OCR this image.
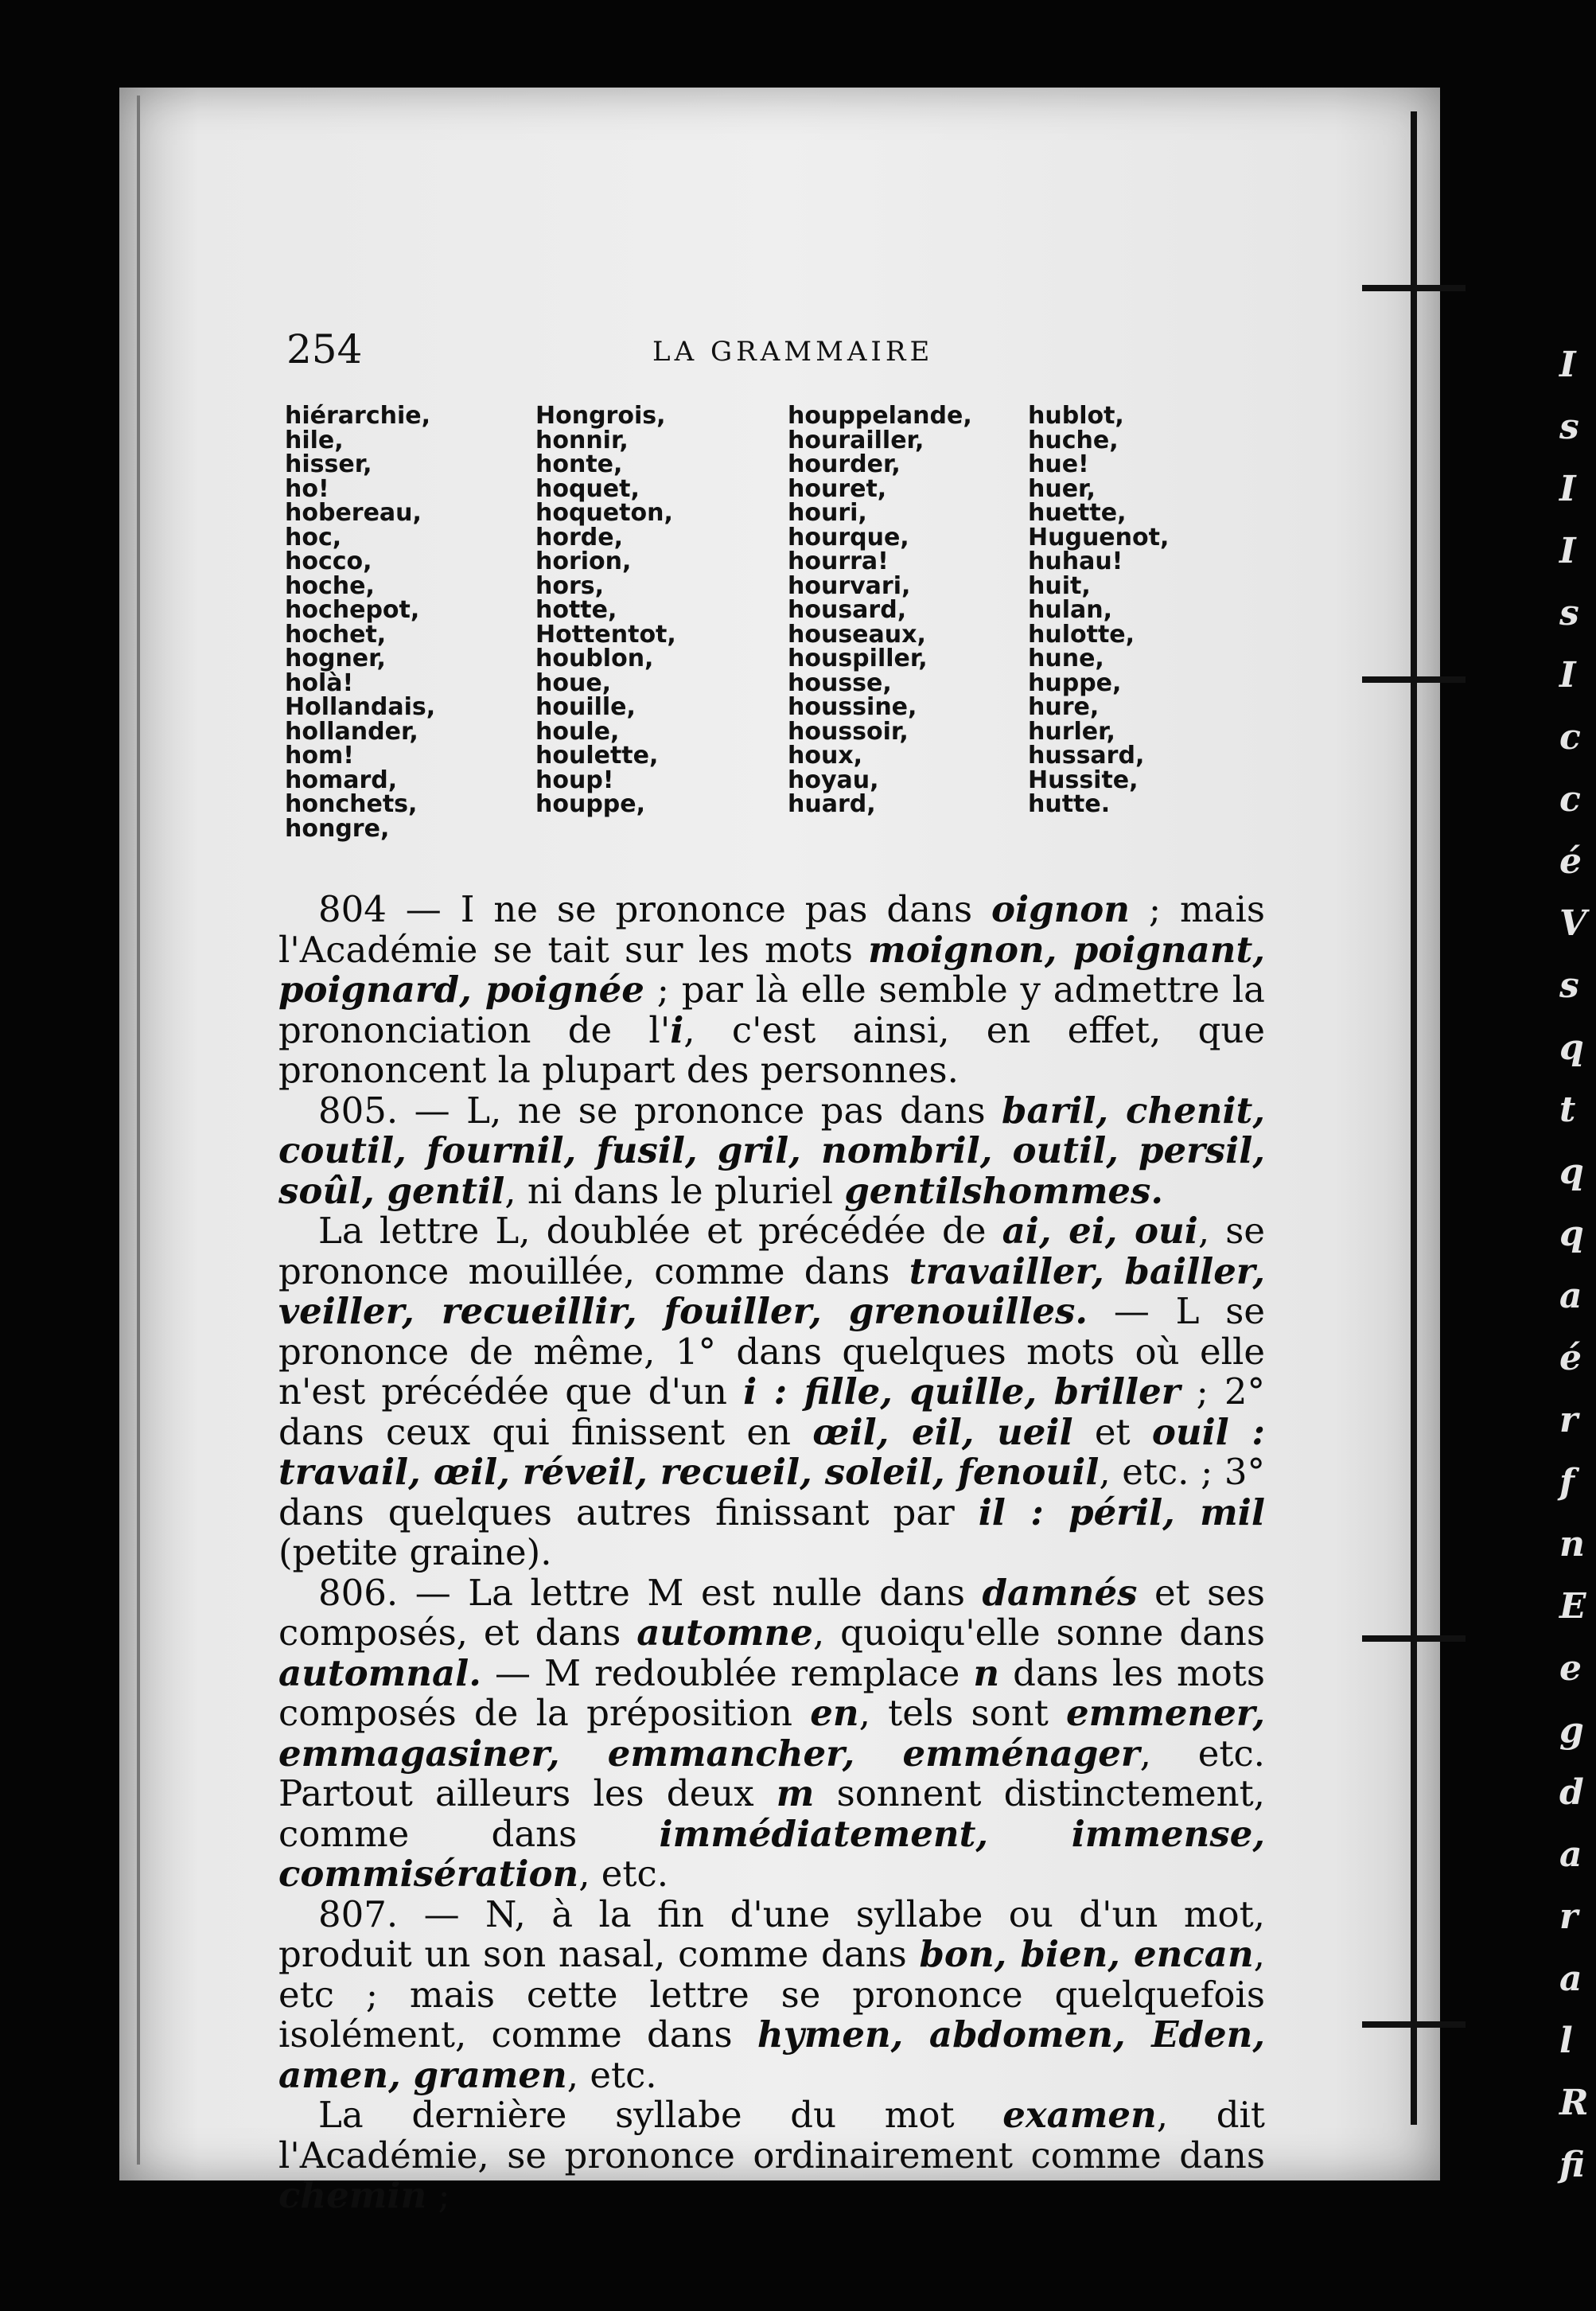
I
s
I
I
s
I
c
c
é
V
s
q
t
q
q
a
é
r
f
n
E
e
g
d
a
r
a
l
R
fi
254	LA GRAMMAIRE
hiérarchie,
hile,
hisser,
ho!
hobereau,
hoc,
hocco,
hoche,
hochepot,
hochet,
hogner,
holà!
Hollandais,
hollander,
hom!
homard,
honchets,
hongre,
Hongrois,
honnir,
honte,
hoquet,
hoqueton,
horde,
horion,
hors,
hotte,
Hottentot,
houblon,
houe,
houille,
houle,
houlette,
houp!
houppe,
houppelande,
hourailler,
hourder,
houret,
houri,
hourque,
hourra!
hourvari,
housard,
houseaux,
houspiller,
housse,
houssine,
houssoir,
houx,
hoyau,
huard,
hublot,
huche,
hue!
huer,
huette,
Huguenot,
huhau!
huit,
hulan,
hulotte,
hune,
huppe,
hure,
hurler,
hussard,
Hussite,
hutte.

804 — I ne se prononce pas dans oignon ; mais l'Académie se tait sur les mots moignon, poignant, poignard, poignée ; par là elle semble y admettre la prononciation de l'i, c'est ainsi, en effet, que prononcent la plupart des personnes.

805. — L, ne se prononce pas dans baril, chenit, coutil, fournil, fusil, gril, nombril, outil, persil, soûl, gentil, ni dans le pluriel gentilshommes.

La lettre L, doublée et précédée de ai, ei, oui, se prononce mouillée, comme dans travailler, bailler, veiller, recueillir, fouiller, grenouilles. — L se prononce de même, 1° dans quelques mots où elle n'est précédée que d'un i : fille, quille, briller ; 2° dans ceux qui finissent en œil, eil, ueil et ouil : travail, œil, réveil, recueil, soleil, fenouil, etc. ; 3° dans quelques autres finissant par il : péril, mil (petite graine).

806. — La lettre M est nulle dans damnés et ses composés, et dans automne, quoiqu'elle sonne dans automnal. — M redoublée remplace n dans les mots composés de la préposition en, tels sont emmener, emmagasiner, emmancher, emménager, etc. Partout ailleurs les deux m sonnent distinctement, comme dans immédiatement, immense, commisération, etc.

807. — N, à la fin d'une syllabe ou d'un mot, produit un son nasal, comme dans bon, bien, encan, etc ; mais cette lettre se prononce quelquefois isolément, comme dans hymen, abdomen, Eden, amen, gramen, etc.

La dernière syllabe du mot examen, dit l'Académie, se prononce ordinairement comme dans chemin ;
